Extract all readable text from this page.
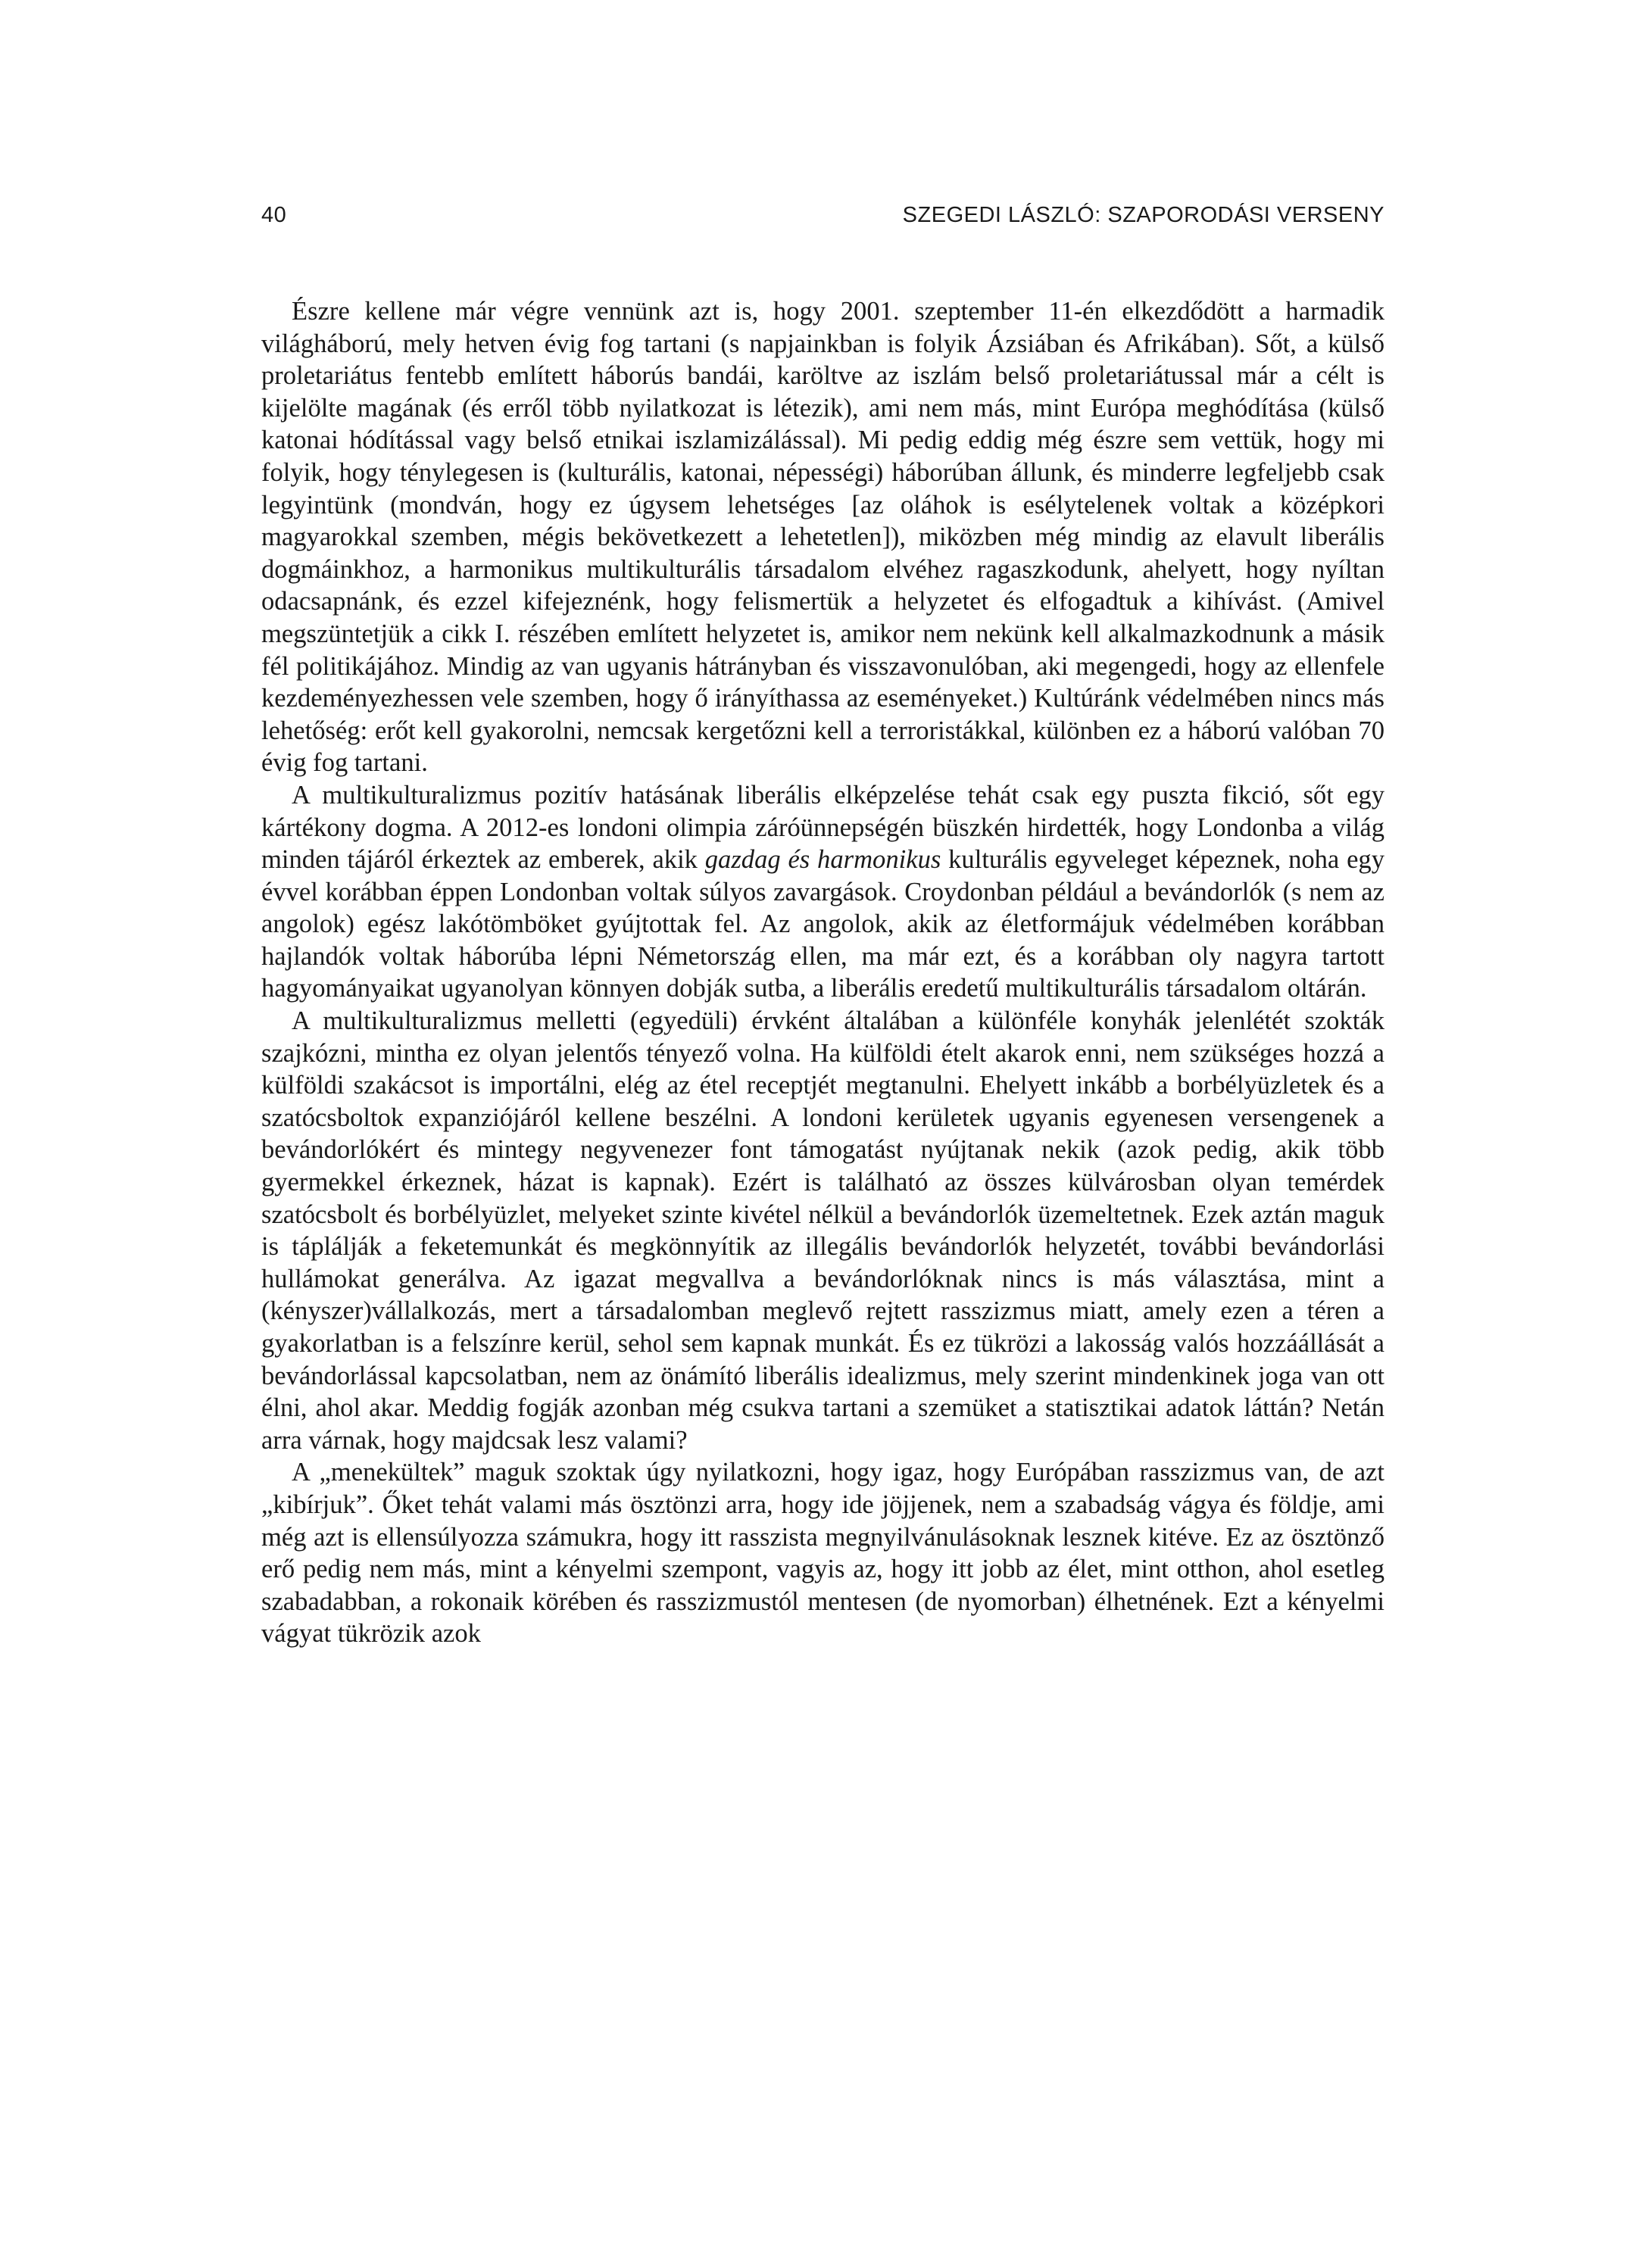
40	SZEGEDI LÁSZLÓ: SZAPORODÁSI VERSENY

Észre kellene már végre vennünk azt is, hogy 2001. szeptember 11-én elkezdődött a harmadik világháború, mely hetven évig fog tartani (s napjainkban is folyik Ázsiában és Afrikában). Sőt, a külső proletariátus fentebb említett háborús bandái, karöltve az iszlám belső proletariátussal már a célt is kijelölte magának (és erről több nyilatkozat is létezik), ami nem más, mint Európa meghódítása (külső katonai hódítással vagy belső etnikai iszlamizálással). Mi pedig eddig még észre sem vettük, hogy mi folyik, hogy ténylegesen is (kulturális, katonai, népességi) háborúban állunk, és minderre legfeljebb csak legyintünk (mondván, hogy ez úgysem lehetséges [az oláhok is esélytelenek voltak a középkori magyarokkal szemben, mégis bekövetkezett a lehetetlen]), miközben még mindig az elavult liberális dogmáinkhoz, a harmonikus multikulturális társadalom elvéhez ragaszkodunk, ahelyett, hogy nyíltan odacsapnánk, és ezzel kifejeznénk, hogy felismertük a helyzetet és elfogadtuk a kihívást. (Amivel megszüntetjük a cikk I. részében említett helyzetet is, amikor nem nekünk kell alkalmazkodnunk a másik fél politikájához. Mindig az van ugyanis hátrányban és visszavonulóban, aki megengedi, hogy az ellenfele kezdeményezhessen vele szemben, hogy ő irányíthassa az eseményeket.) Kultúránk védelmében nincs más lehetőség: erőt kell gyakorolni, nemcsak kergetőzni kell a terroristákkal, különben ez a háború valóban 70 évig fog tartani.

A multikulturalizmus pozitív hatásának liberális elképzelése tehát csak egy puszta fikció, sőt egy kártékony dogma. A 2012-es londoni olimpia záróünnepségén büszkén hirdették, hogy Londonba a világ minden tájáról érkeztek az emberek, akik gazdag és harmonikus kulturális egyveleget képeznek, noha egy évvel korábban éppen Londonban voltak súlyos zavargások. Croydonban például a bevándorlók (s nem az angolok) egész lakótömböket gyújtottak fel. Az angolok, akik az életformájuk védelmében korábban hajlandók voltak háborúba lépni Németország ellen, ma már ezt, és a korábban oly nagyra tartott hagyományaikat ugyanolyan könnyen dobják sutba, a liberális eredetű multikulturális társadalom oltárán.

A multikulturalizmus melletti (egyedüli) érvként általában a különféle konyhák jelenlétét szokták szajkózni, mintha ez olyan jelentős tényező volna. Ha külföldi ételt akarok enni, nem szükséges hozzá a külföldi szakácsot is importálni, elég az étel receptjét megtanulni. Ehelyett inkább a borbélyüzletek és a szatócsboltok expanziójáról kellene beszélni. A londoni kerületek ugyanis egyenesen versengenek a bevándorlókért és mintegy negyvenezer font támogatást nyújtanak nekik (azok pedig, akik több gyermekkel érkeznek, házat is kapnak). Ezért is található az összes külvárosban olyan temérdek szatócsbolt és borbélyüzlet, melyeket szinte kivétel nélkül a bevándorlók üzemeltetnek. Ezek aztán maguk is táplálják a feketemunkát és megkönnyítik az illegális bevándorlók helyzetét, további bevándorlási hullámokat generálva. Az igazat megvallva a bevándorlóknak nincs is más választása, mint a (kényszer)vállalkozás, mert a társadalomban meglevő rejtett rasszizmus miatt, amely ezen a téren a gyakorlatban is a felszínre kerül, sehol sem kapnak munkát. És ez tükrözi a lakosság valós hozzáállását a bevándorlással kapcsolatban, nem az önámító liberális idealizmus, mely szerint mindenkinek joga van ott élni, ahol akar. Meddig fogják azonban még csukva tartani a szemüket a statisztikai adatok láttán? Netán arra várnak, hogy majdcsak lesz valami?

A „menekültek” maguk szoktak úgy nyilatkozni, hogy igaz, hogy Európában rasszizmus van, de azt „kibírjuk”. Őket tehát valami más ösztönzi arra, hogy ide jöjjenek, nem a szabadság vágya és földje, ami még azt is ellensúlyozza számukra, hogy itt rasszista megnyilvánulásoknak lesznek kitéve. Ez az ösztönző erő pedig nem más, mint a kényelmi szempont, vagyis az, hogy itt jobb az élet, mint otthon, ahol esetleg szabadabban, a rokonaik körében és rasszizmustól mentesen (de nyomorban) élhetnének. Ezt a kényelmi vágyat tükrözik azok
